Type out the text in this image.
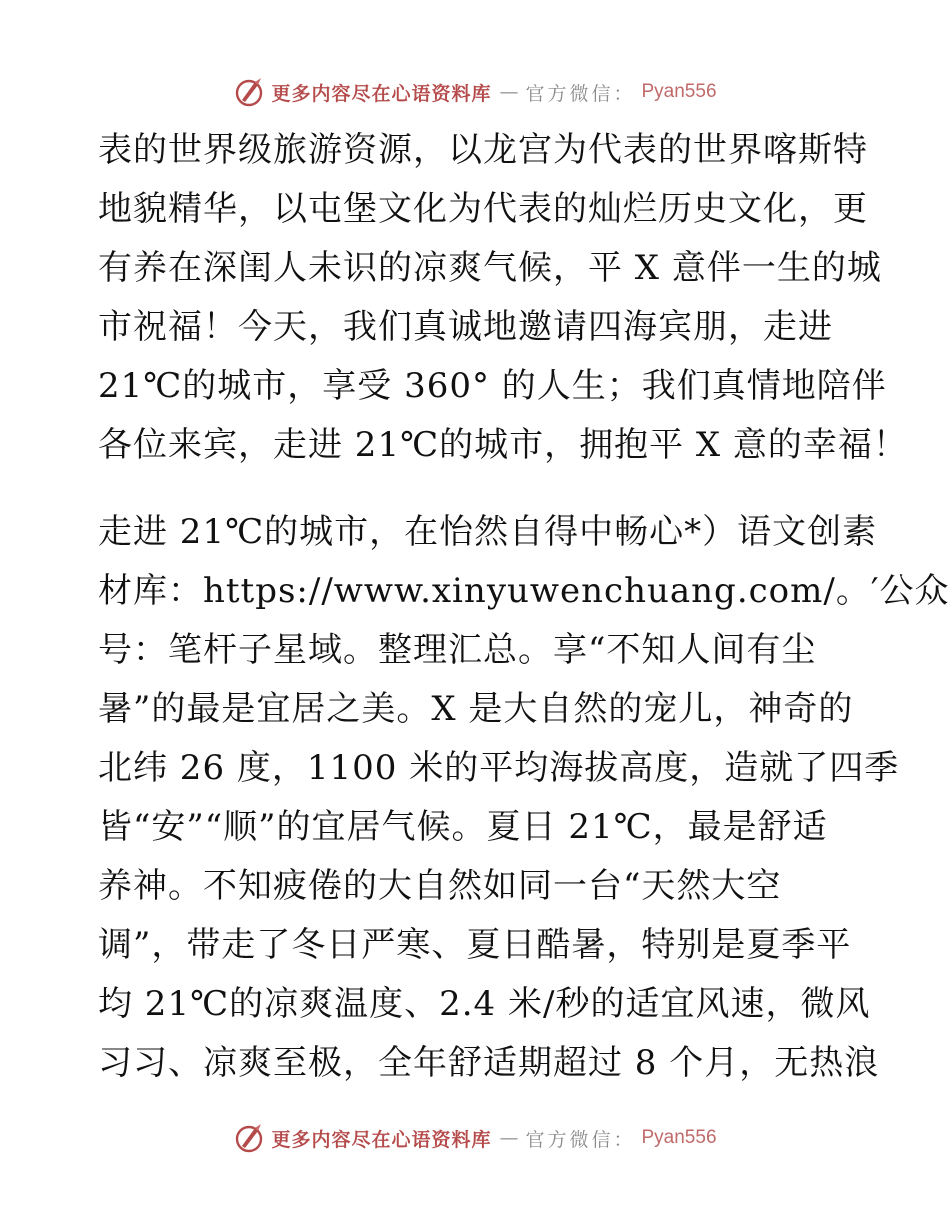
更多内容尽在心语资料库 — 官方微信： Pyan556
表的世界级旅游资源，以龙宫为代表的世界喀斯特
地貌精华，以屯堡文化为代表的灿烂历史文化，更
有养在深闺人未识的凉爽气候，平 X 意伴一生的城
市祝福！今天，我们真诚地邀请四海宾朋，走进
21℃的城市，享受 360° 的人生；我们真情地陪伴
各位来宾，走进 21℃的城市，拥抱平 X 意的幸福！
走进 21℃的城市，在怡然自得中畅心*）语文创素
材库：https://www.xinyuwenchuang.com/。′公众
号：笔杆子星域。整理汇总。享“不知人间有尘
暑”的最是宜居之美。X 是大自然的宠儿，神奇的
北纬 26 度，1100 米的平均海拔高度，造就了四季
皆“安”“顺”的宜居气候。夏日 21℃，最是舒适
养神。不知疲倦的大自然如同一台“天然大空
调”，带走了冬日严寒、夏日酷暑，特别是夏季平
均 21℃的凉爽温度、2.4 米/秒的适宜风速，微风
习习、凉爽至极，全年舒适期超过 8 个月，无热浪
更多内容尽在心语资料库 — 官方微信： Pyan556
